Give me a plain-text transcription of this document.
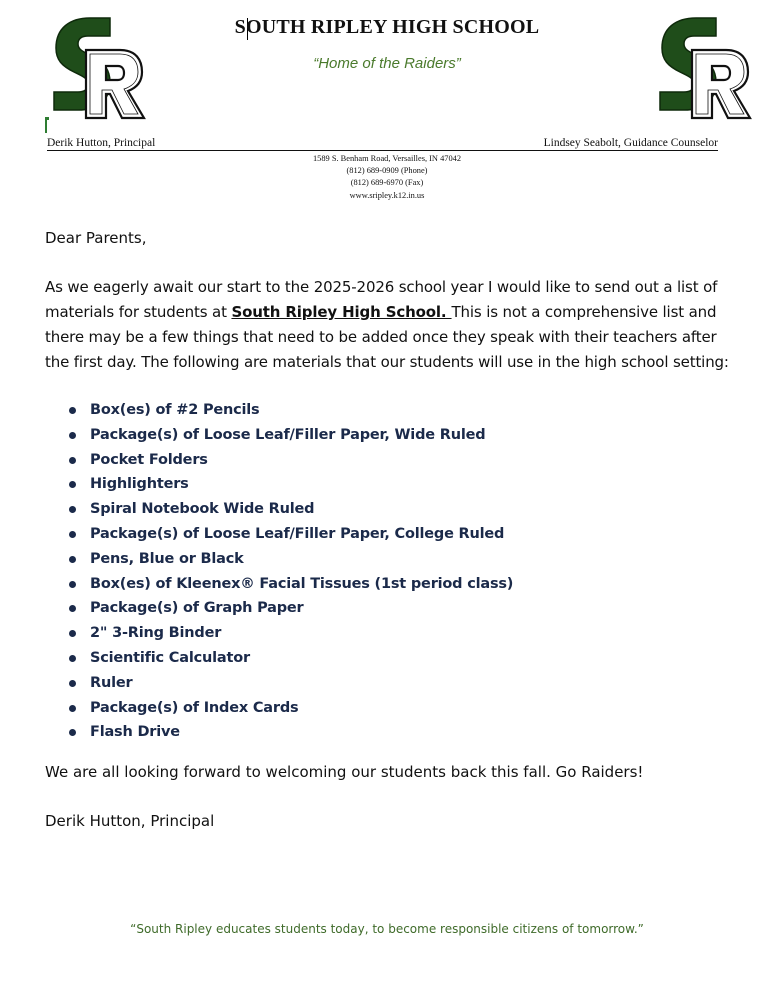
SOUTH RIPLEY HIGH SCHOOL
“Home of the Raiders”
Derik Hutton, Principal	Lindsey Seabolt, Guidance Counselor
1589 S. Benham Road, Versailles, IN 47042
(812) 689-0909 (Phone)
(812) 689-6970 (Fax)
www.sripley.k12.in.us
Dear Parents,
As we eagerly await our start to the 2025-2026 school year I would like to send out a list of materials for students at South Ripley High School. This is not a comprehensive list and there may be a few things that need to be added once they speak with their teachers after the first day. The following are materials that our students will use in the high school setting:
Box(es) of #2 Pencils
Package(s) of Loose Leaf/Filler Paper, Wide Ruled
Pocket Folders
Highlighters
Spiral Notebook Wide Ruled
Package(s) of Loose Leaf/Filler Paper, College Ruled
Pens, Blue or Black
Box(es) of Kleenex® Facial Tissues (1st period class)
Package(s) of Graph Paper
2" 3-Ring Binder
Scientific Calculator
Ruler
Package(s) of Index Cards
Flash Drive
We are all looking forward to welcoming our students back this fall. Go Raiders!
Derik Hutton, Principal
“South Ripley educates students today, to become responsible citizens of tomorrow.”
